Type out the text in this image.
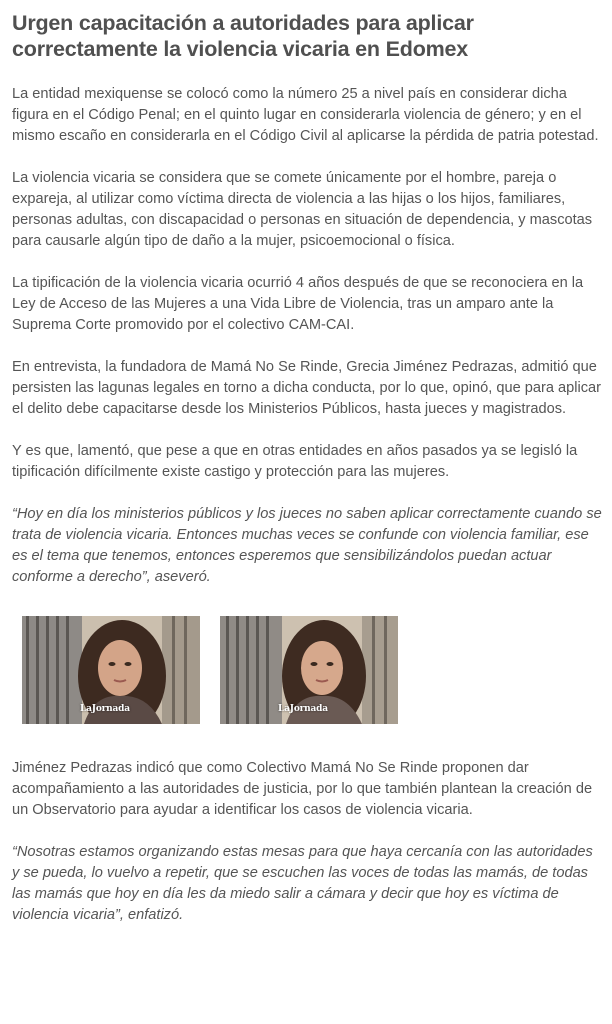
Urgen capacitación a autoridades para aplicar correctamente la violencia vicaria en Edomex

La entidad mexiquense se colocó como la número 25 a nivel país en considerar dicha figura en el Código Penal; en el quinto lugar en considerarla violencia de género; y en el mismo escaño en considerarla en el Código Civil al aplicarse la pérdida de patria potestad.

La violencia vicaria se considera que se comete únicamente por el hombre, pareja o expareja, al utilizar como víctima directa de violencia a las hijas o los hijos, familiares, personas adultas, con discapacidad o personas en situación de dependencia, y mascotas para causarle algún tipo de daño a la mujer, psicoemocional o física.

La tipificación de la violencia vicaria ocurrió 4 años después de que se reconociera en la Ley de Acceso de las Mujeres a una Vida Libre de Violencia, tras un amparo ante la Suprema Corte promovido por el colectivo CAM-CAI.

En entrevista, la fundadora de Mamá No Se Rinde, Grecia Jiménez Pedrazas, admitió que persisten las lagunas legales en torno a dicha conducta, por lo que, opinó, que para aplicar el delito debe capacitarse desde los Ministerios Públicos, hasta jueces y magistrados.

Y es que, lamentó, que pese a que en otras entidades en años pasados ya se legisló la tipificación difícilmente existe castigo y protección para las mujeres.

“Hoy en día los ministerios públicos y los jueces no saben aplicar correctamente cuando se trata de violencia vicaria. Entonces muchas veces se confunde con violencia familiar, ese es el tema que tenemos, entonces esperemos que sensibilizándolos puedan actuar conforme a derecho”, aseveró.

LaJornada	LaJornada

Jiménez Pedrazas indicó que como Colectivo Mamá No Se Rinde proponen dar acompañamiento a las autoridades de justicia, por lo que también plantean la creación de un Observatorio para ayudar a identificar los casos de violencia vicaria.

“Nosotras estamos organizando estas mesas para que haya cercanía con las autoridades y se pueda, lo vuelvo a repetir, que se escuchen las voces de todas las mamás, de todas las mamás que hoy en día les da miedo salir a cámara y decir que hoy es víctima de violencia vicaria”, enfatizó.
